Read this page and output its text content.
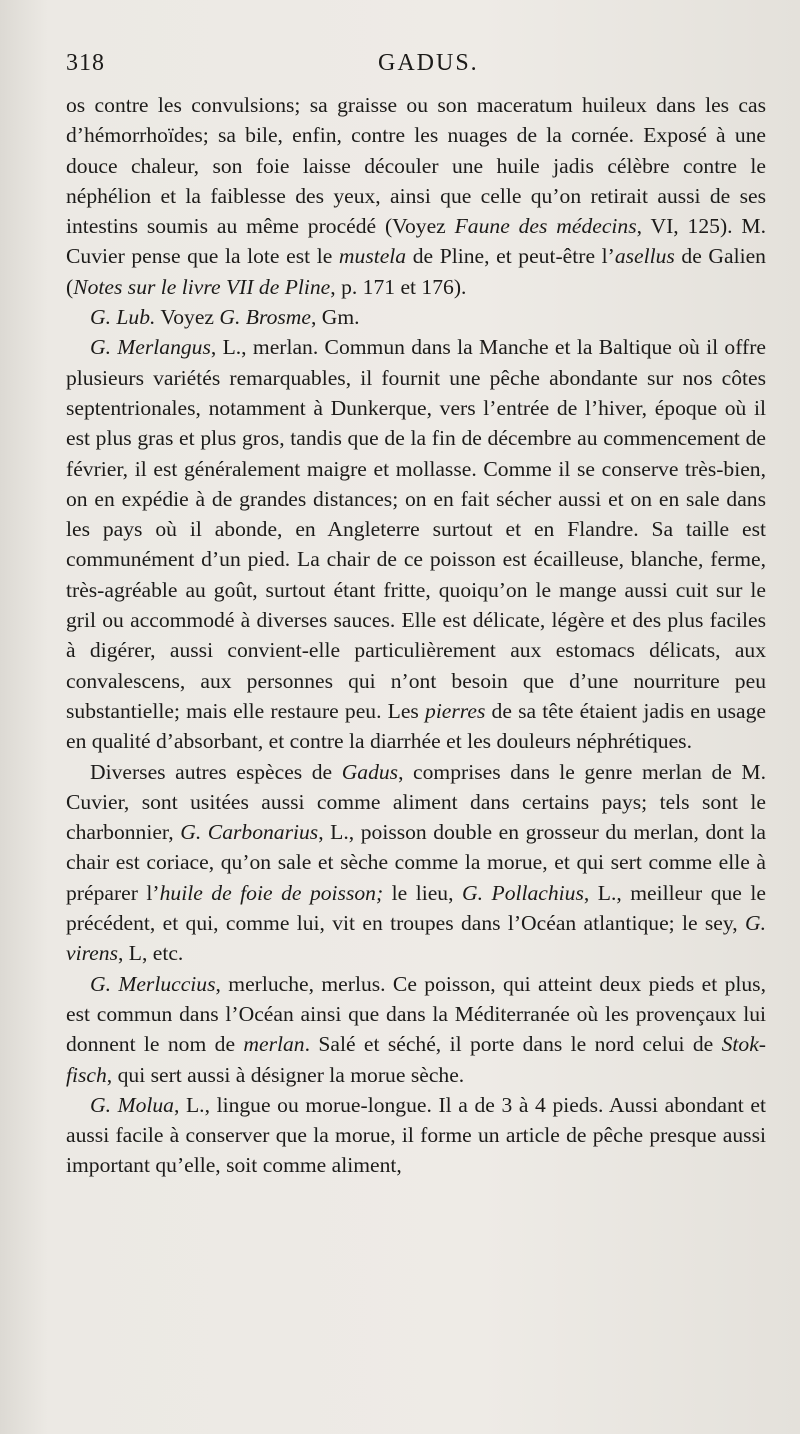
318	GADUS.

os contre les convulsions; sa graisse ou son maceratum huileux dans les cas d’hémorrhoïdes; sa bile, enfin, contre les nuages de la cornée. Exposé à une douce chaleur, son foie laisse découler une huile jadis célèbre contre le néphélion et la faiblesse des yeux, ainsi que celle qu’on retirait aussi de ses intestins soumis au même procédé (Voyez Faune des médecins, VI, 125). M. Cuvier pense que la lote est le mustela de Pline, et peut-être l’asellus de Galien (Notes sur le livre VII de Pline, p. 171 et 176).

G. Lub. Voyez G. Brosme, Gm.

G. Merlangus, L., merlan. Commun dans la Manche et la Baltique où il offre plusieurs variétés remarquables, il fournit une pêche abondante sur nos côtes septentrionales, notamment à Dunkerque, vers l’entrée de l’hiver, époque où il est plus gras et plus gros, tandis que de la fin de décembre au commencement de février, il est généralement maigre et mollasse. Comme il se conserve très-bien, on en expédie à de grandes distances; on en fait sécher aussi et on en sale dans les pays où il abonde, en Angleterre surtout et en Flandre. Sa taille est communément d’un pied. La chair de ce poisson est écailleuse, blanche, ferme, très-agréable au goût, surtout étant fritte, quoiqu’on le mange aussi cuit sur le gril ou accommodé à diverses sauces. Elle est délicate, légère et des plus faciles à digérer, aussi convient-elle particulièrement aux estomacs délicats, aux convalescens, aux personnes qui n’ont besoin que d’une nourriture peu substantielle; mais elle restaure peu. Les pierres de sa tête étaient jadis en usage en qualité d’absorbant, et contre la diarrhée et les douleurs néphrétiques.

Diverses autres espèces de Gadus, comprises dans le genre merlan de M. Cuvier, sont usitées aussi comme aliment dans certains pays; tels sont le charbonnier, G. Carbonarius, L., poisson double en grosseur du merlan, dont la chair est coriace, qu’on sale et sèche comme la morue, et qui sert comme elle à préparer l’huile de foie de poisson; le lieu, G. Pollachius, L., meilleur que le précédent, et qui, comme lui, vit en troupes dans l’Océan atlantique; le sey, G. virens, L, etc.

G. Merluccius, merluche, merlus. Ce poisson, qui atteint deux pieds et plus, est commun dans l’Océan ainsi que dans la Méditerranée où les provençaux lui donnent le nom de merlan. Salé et séché, il porte dans le nord celui de Stok-fisch, qui sert aussi à désigner la morue sèche.

G. Molua, L., lingue ou morue-longue. Il a de 3 à 4 pieds. Aussi abondant et aussi facile à conserver que la morue, il forme un article de pêche presque aussi important qu’elle, soit comme aliment,
